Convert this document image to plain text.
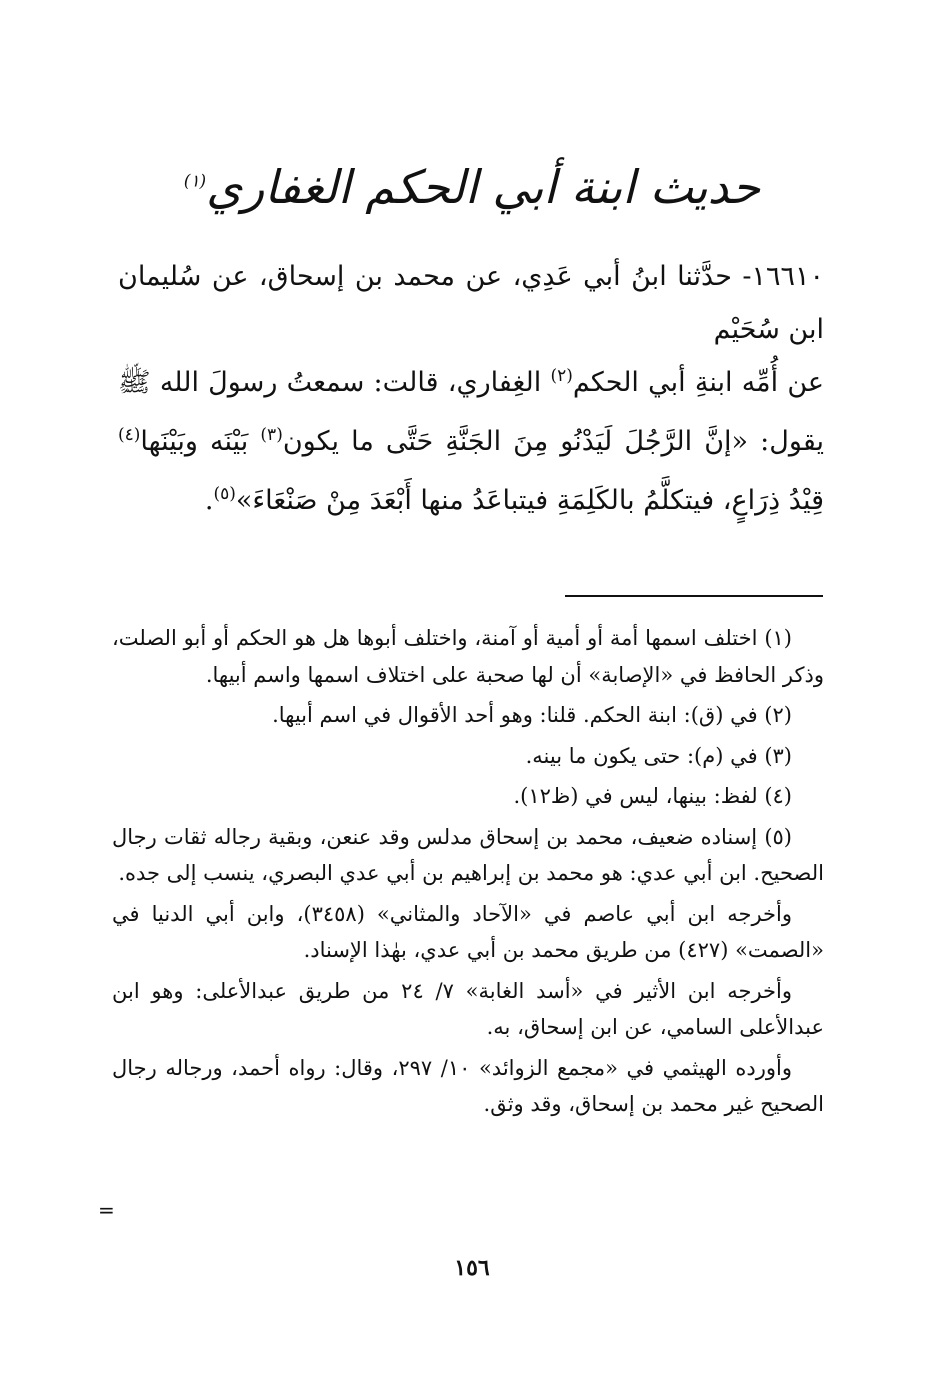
حديث ابنة أبي الحكم الغفاري$^{(١)}$
١٦٦١٠- حدَّثنا ابنُ أبي عَدِي، عن محمد بن إسحاق، عن سُليمان ابن سُحَيْم
عن أُمِّه ابنةِ أبي الحكم$^{(٢)}$ الغِفاري، قالت: سمعتُ رسولَ الله ﷺ يقول: «إنَّ الرَّجُلَ لَيَدْنُو مِنَ الجَنَّةِ حَتَّى ما يكون$^{(٣)}$ بَيْنَه وبَيْنَها$^{(٤)}$ قِيْدُ ذِرَاعٍ، فيتكلَّمُ بالكَلِمَةِ فيتباعَدُ منها أَبْعَدَ مِنْ صَنْعَاءَ»$^{(٥)}$.

(١) اختلف اسمها أمة أو أمية أو آمنة، واختلف أبوها هل هو الحكم أو أبو الصلت، وذكر الحافظ في «الإصابة» أن لها صحبة على اختلاف اسمها واسم أبيها.

(٢) في (ق): ابنة الحكم. قلنا: وهو أحد الأقوال في اسم أبيها.

(٣) في (م): حتى يكون ما بينه.

(٤) لفظ: بينها، ليس في (ظ١٢).

(٥) إسناده ضعيف، محمد بن إسحاق مدلس وقد عنعن، وبقية رجاله ثقات رجال الصحيح. ابن أبي عدي: هو محمد بن إبراهيم بن أبي عدي البصري، ينسب إلى جده.

وأخرجه ابن أبي عاصم في «الآحاد والمثاني» (٣٤٥٨)، وابن أبي الدنيا في «الصمت» (٤٢٧) من طريق محمد بن أبي عدي، بهٰذا الإسناد.

وأخرجه ابن الأثير في «أسد الغابة» ٧/ ٢٤ من طريق عبدالأعلى: وهو ابن عبدالأعلى السامي، عن ابن إسحاق، به.

وأورده الهيثمي في «مجمع الزوائد» ١٠/ ٢٩٧، وقال: رواه أحمد، ورجاله رجال الصحيح غير محمد بن إسحاق، وقد وثق.

=
١٥٦
